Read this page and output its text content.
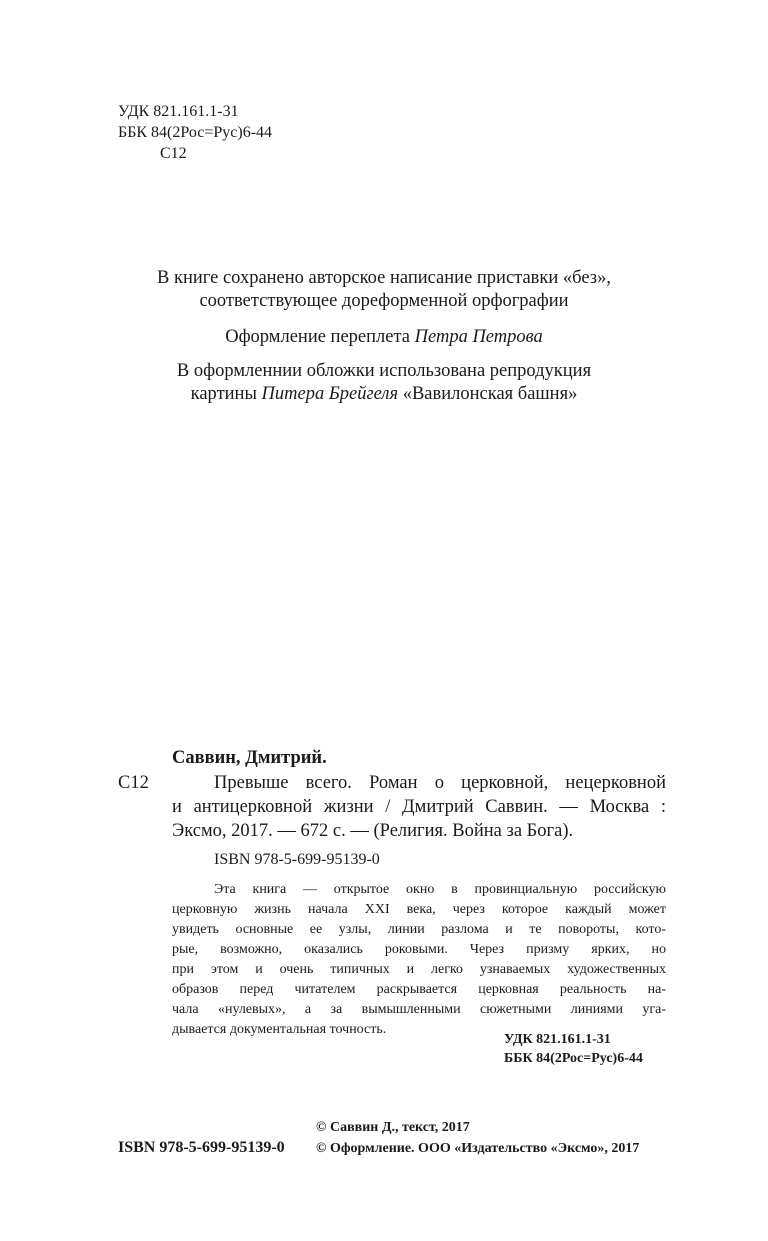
УДК 821.161.1-31
ББК 84(2Рос=Рус)6-44
С12
В книге сохранено авторское написание приставки «без»,
соответствующее дореформенной орфографии
Оформление переплета Петра Петрова
В оформленнии обложки использована репродукция
картины Питера Брейгеля «Вавилонская башня»
Саввин, Дмитрий.
С12	Превыше всего. Роман о церковной, нецерковной
и антицерковной жизни / Дмитрий Саввин. — Москва :
Эксмо, 2017. — 672 с. — (Религия. Война за Бога).
ISBN 978-5-699-95139-0
Эта книга — открытое окно в провинциальную российскую
церковную жизнь начала XXI века, через которое каждый может
увидеть основные ее узлы, линии разлома и те повороты, кото-
рые, возможно, оказались роковыми. Через призму ярких, но
при этом и очень типичных и легко узнаваемых художественных
образов перед читателем раскрывается церковная реальность на-
чала «нулевых», а за вымышленными сюжетными линиями уга-
дывается документальная точность.
УДК 821.161.1-31
ББК 84(2Рос=Рус)6-44
© Саввин Д., текст, 2017
ISBN 978-5-699-95139-0 © Оформление. ООО «Издательство «Эксмо», 2017
